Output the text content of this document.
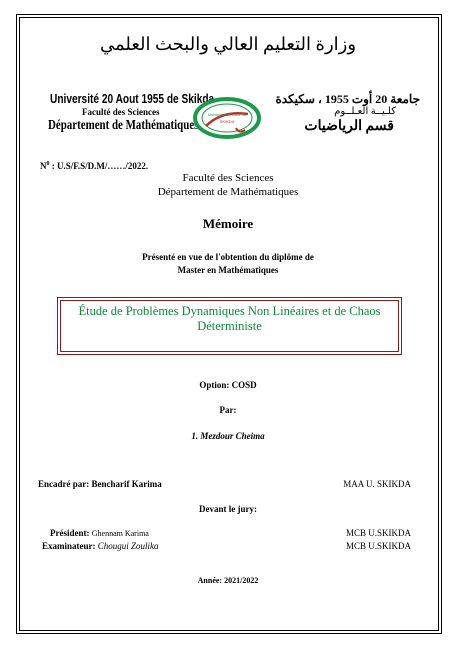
وزارة التعليم العالي والبحث العلمي
Université 20 Aout 1955 de Skikda
Faculté des Sciences
Département de Mathématiques
Université 20 Août 55
SKIKDA
جامعة 20 أوت 1955 ، سكيكدة
كلـيــة العـلــوم
قسم الرياضيات
$N^0$ : U.S/F.S/D.M/……/2022.
Faculté des Sciences
Département de Mathématiques
Mémoire
Présenté en vue de l'obtention du diplôme de
Master en Mathématiques
Étude de Problèmes Dynamiques Non Linéaires et de Chaos Déterministe
Option: COSD
Par:
1. Mezdour Cheima
Encadré par: Bencharif Karima	MAA U. SKIKDA
Devant le jury:
Président: Ghennam Karima	MCB U.SKIKDA
Examinateur: Chougui Zoulika	MCB U.SKIKDA
Année: 2021/2022
